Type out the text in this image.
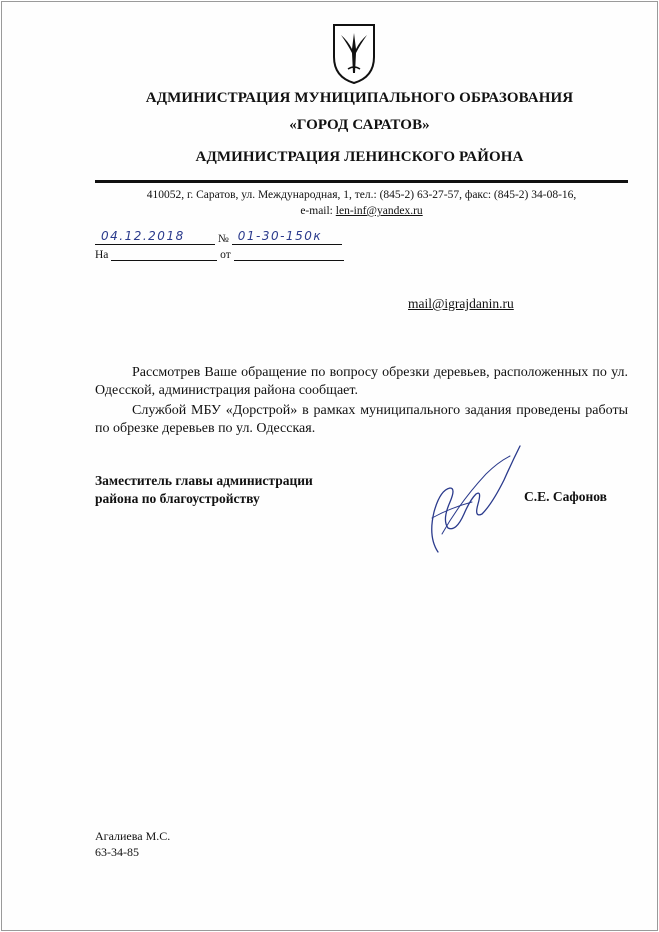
АДМИНИСТРАЦИЯ МУНИЦИПАЛЬНОГО ОБРАЗОВАНИЯ
«ГОРОД САРАТОВ»
АДМИНИСТРАЦИЯ ЛЕНИНСКОГО РАЙОНА
410052, г. Саратов, ул. Международная, 1, тел.: (845-2) 63-27-57, факс: (845-2) 34-08-16,
e-mail: len-inf@yandex.ru
04.12.2018	№ 01-30-150к
На	от
mail@igrajdanin.ru
Рассмотрев Ваше обращение по вопросу обрезки деревьев, расположенных по ул. Одесской, администрация района сообщает.
Службой МБУ «Дорстрой» в рамках муниципального задания проведены работы по обрезке деревьев по ул. Одесская.
Заместитель главы администрации
района по благоустройству	С.Е. Сафонов
Агалиева М.С.
63-34-85
